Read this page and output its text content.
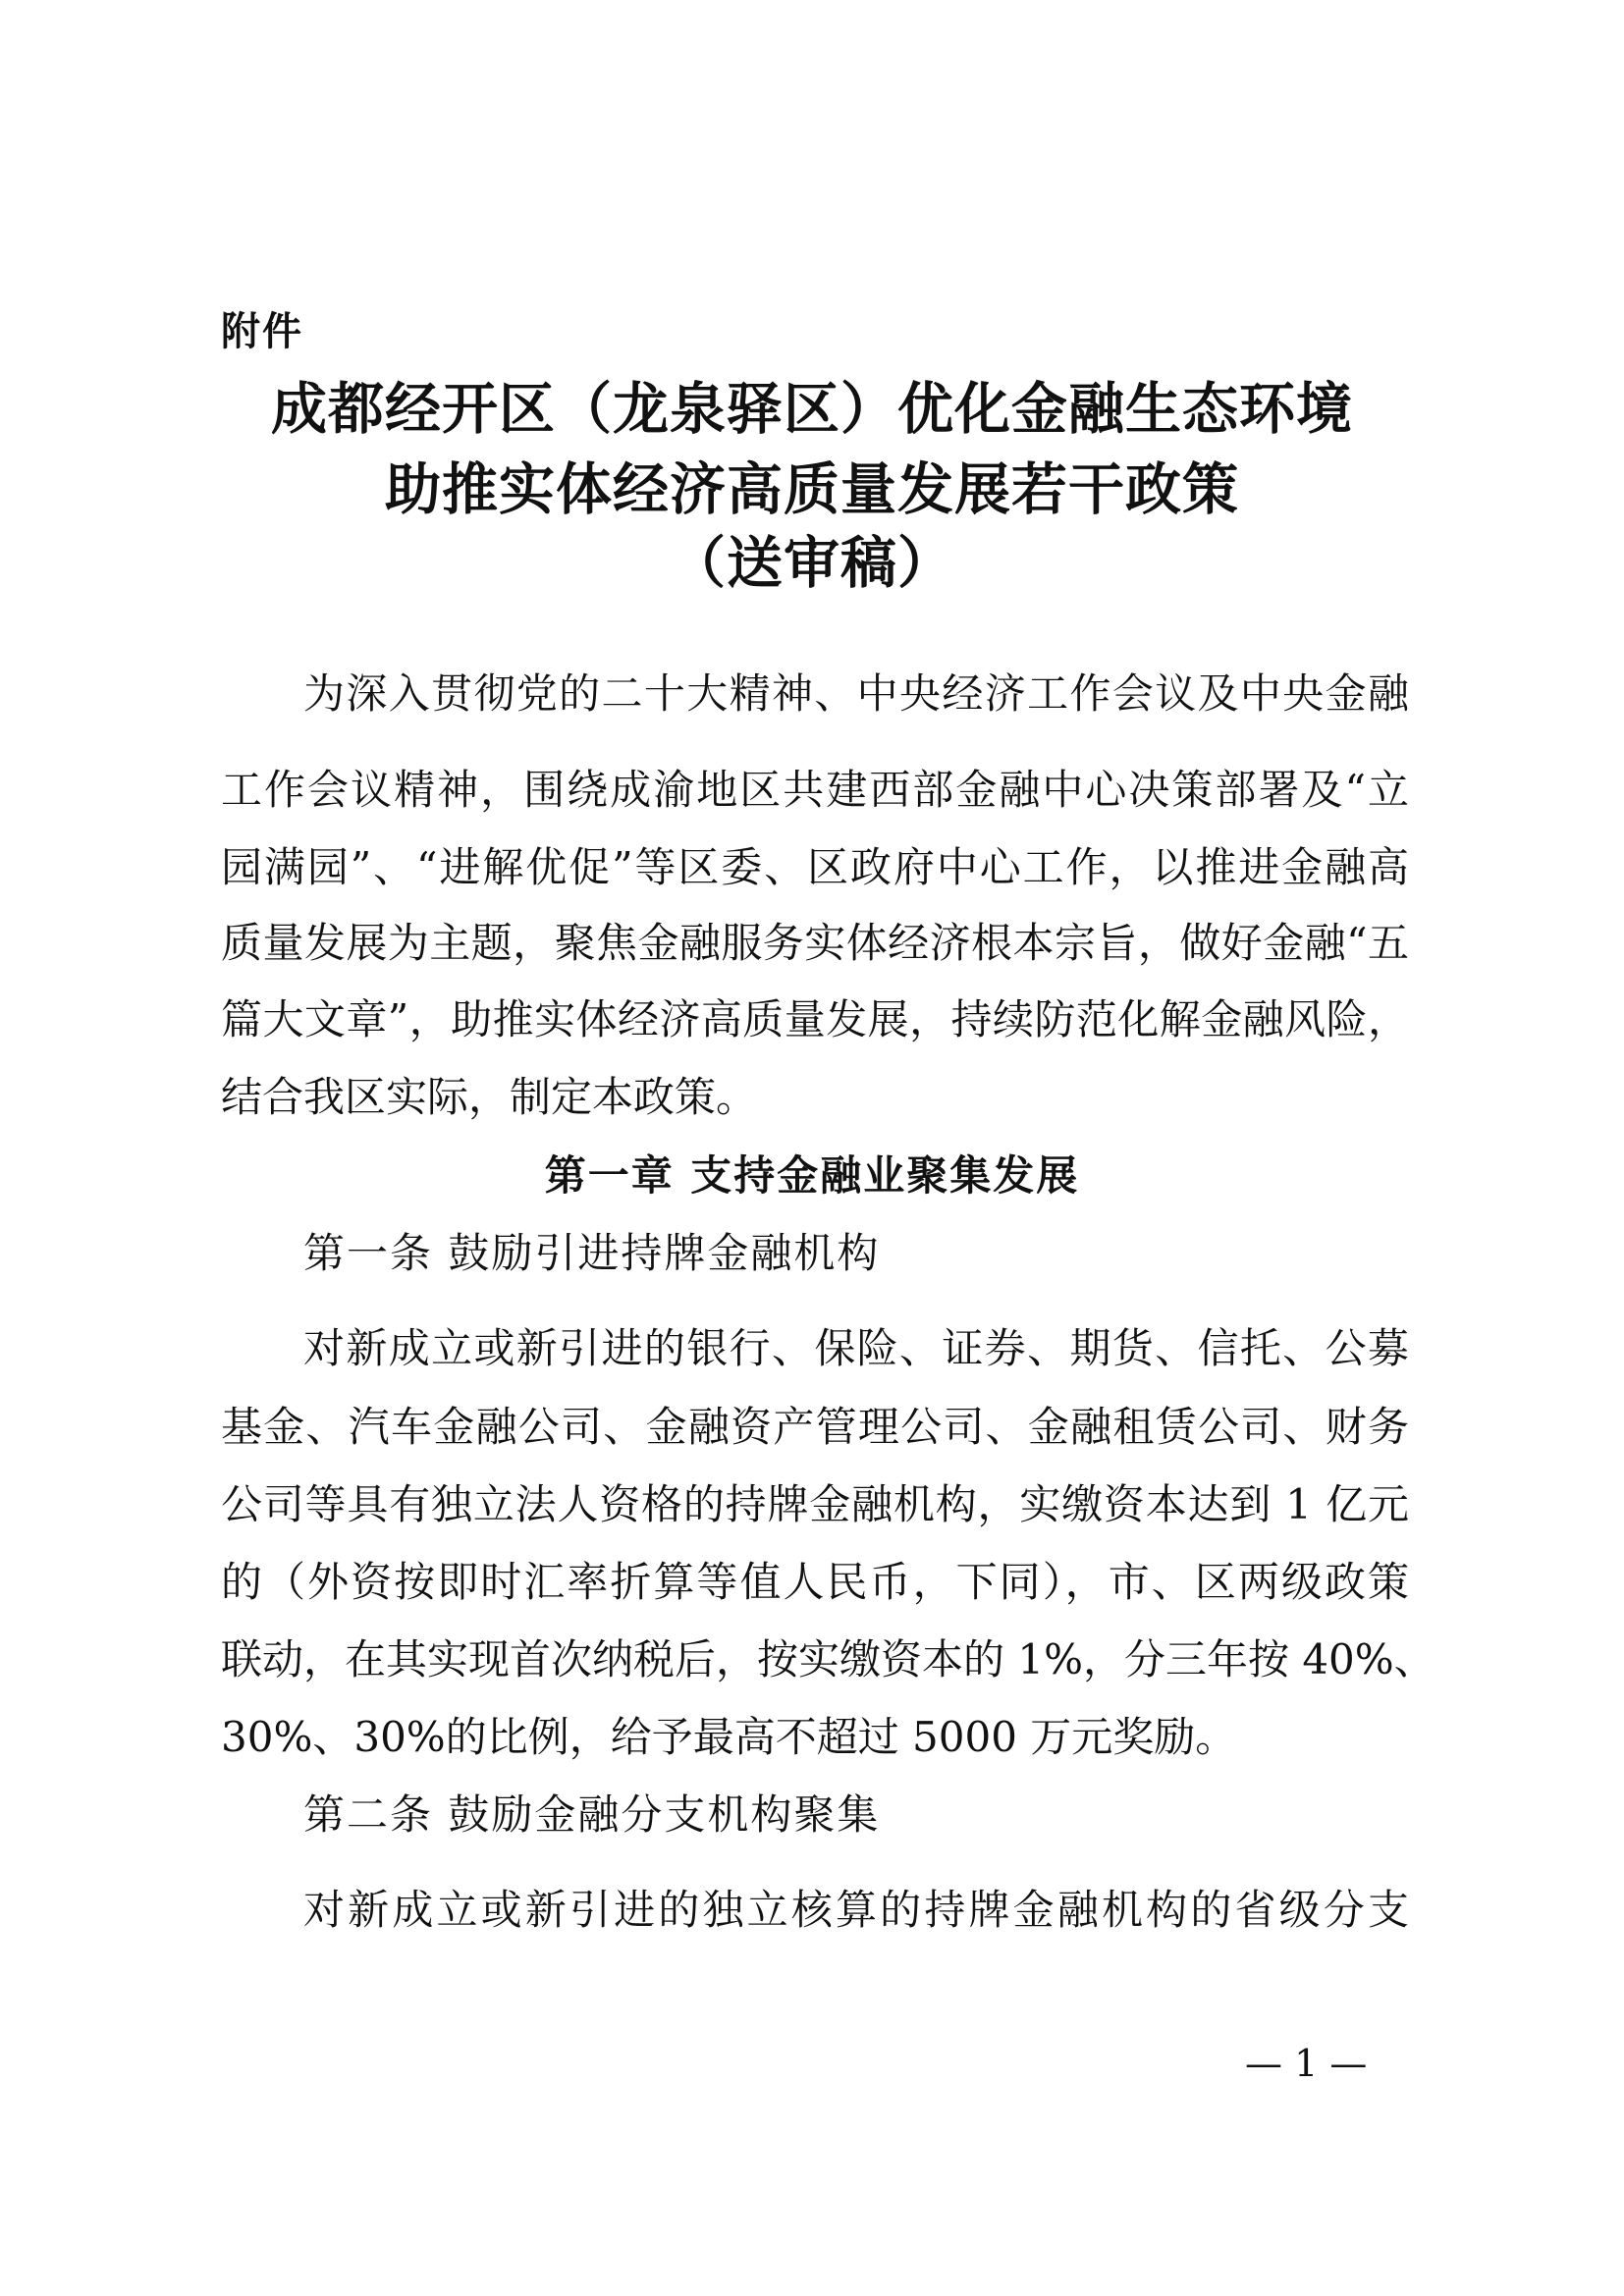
附件
成都经开区（龙泉驿区）优化金融生态环境
助推实体经济高质量发展若干政策
（送审稿）
为深入贯彻党的二十大精神、中央经济工作会议及中央金融
工作会议精神，围绕成渝地区共建西部金融中心决策部署及“立
园满园”、“进解优促”等区委、区政府中心工作，以推进金融高
质量发展为主题，聚焦金融服务实体经济根本宗旨，做好金融“五
篇大文章”，助推实体经济高质量发展，持续防范化解金融风险，
结合我区实际，制定本政策。
第一章 支持金融业聚集发展
第一条 鼓励引进持牌金融机构
对新成立或新引进的银行、保险、证券、期货、信托、公募
基金、汽车金融公司、金融资产管理公司、金融租赁公司、财务
公司等具有独立法人资格的持牌金融机构，实缴资本达到 1 亿元
的（外资按即时汇率折算等值人民币，下同），市、区两级政策
联动，在其实现首次纳税后，按实缴资本的 1%，分三年按 40%、
30%、30%的比例，给予最高不超过 5000 万元奖励。
第二条 鼓励金融分支机构聚集
对新成立或新引进的独立核算的持牌金融机构的省级分支
— 1 —
